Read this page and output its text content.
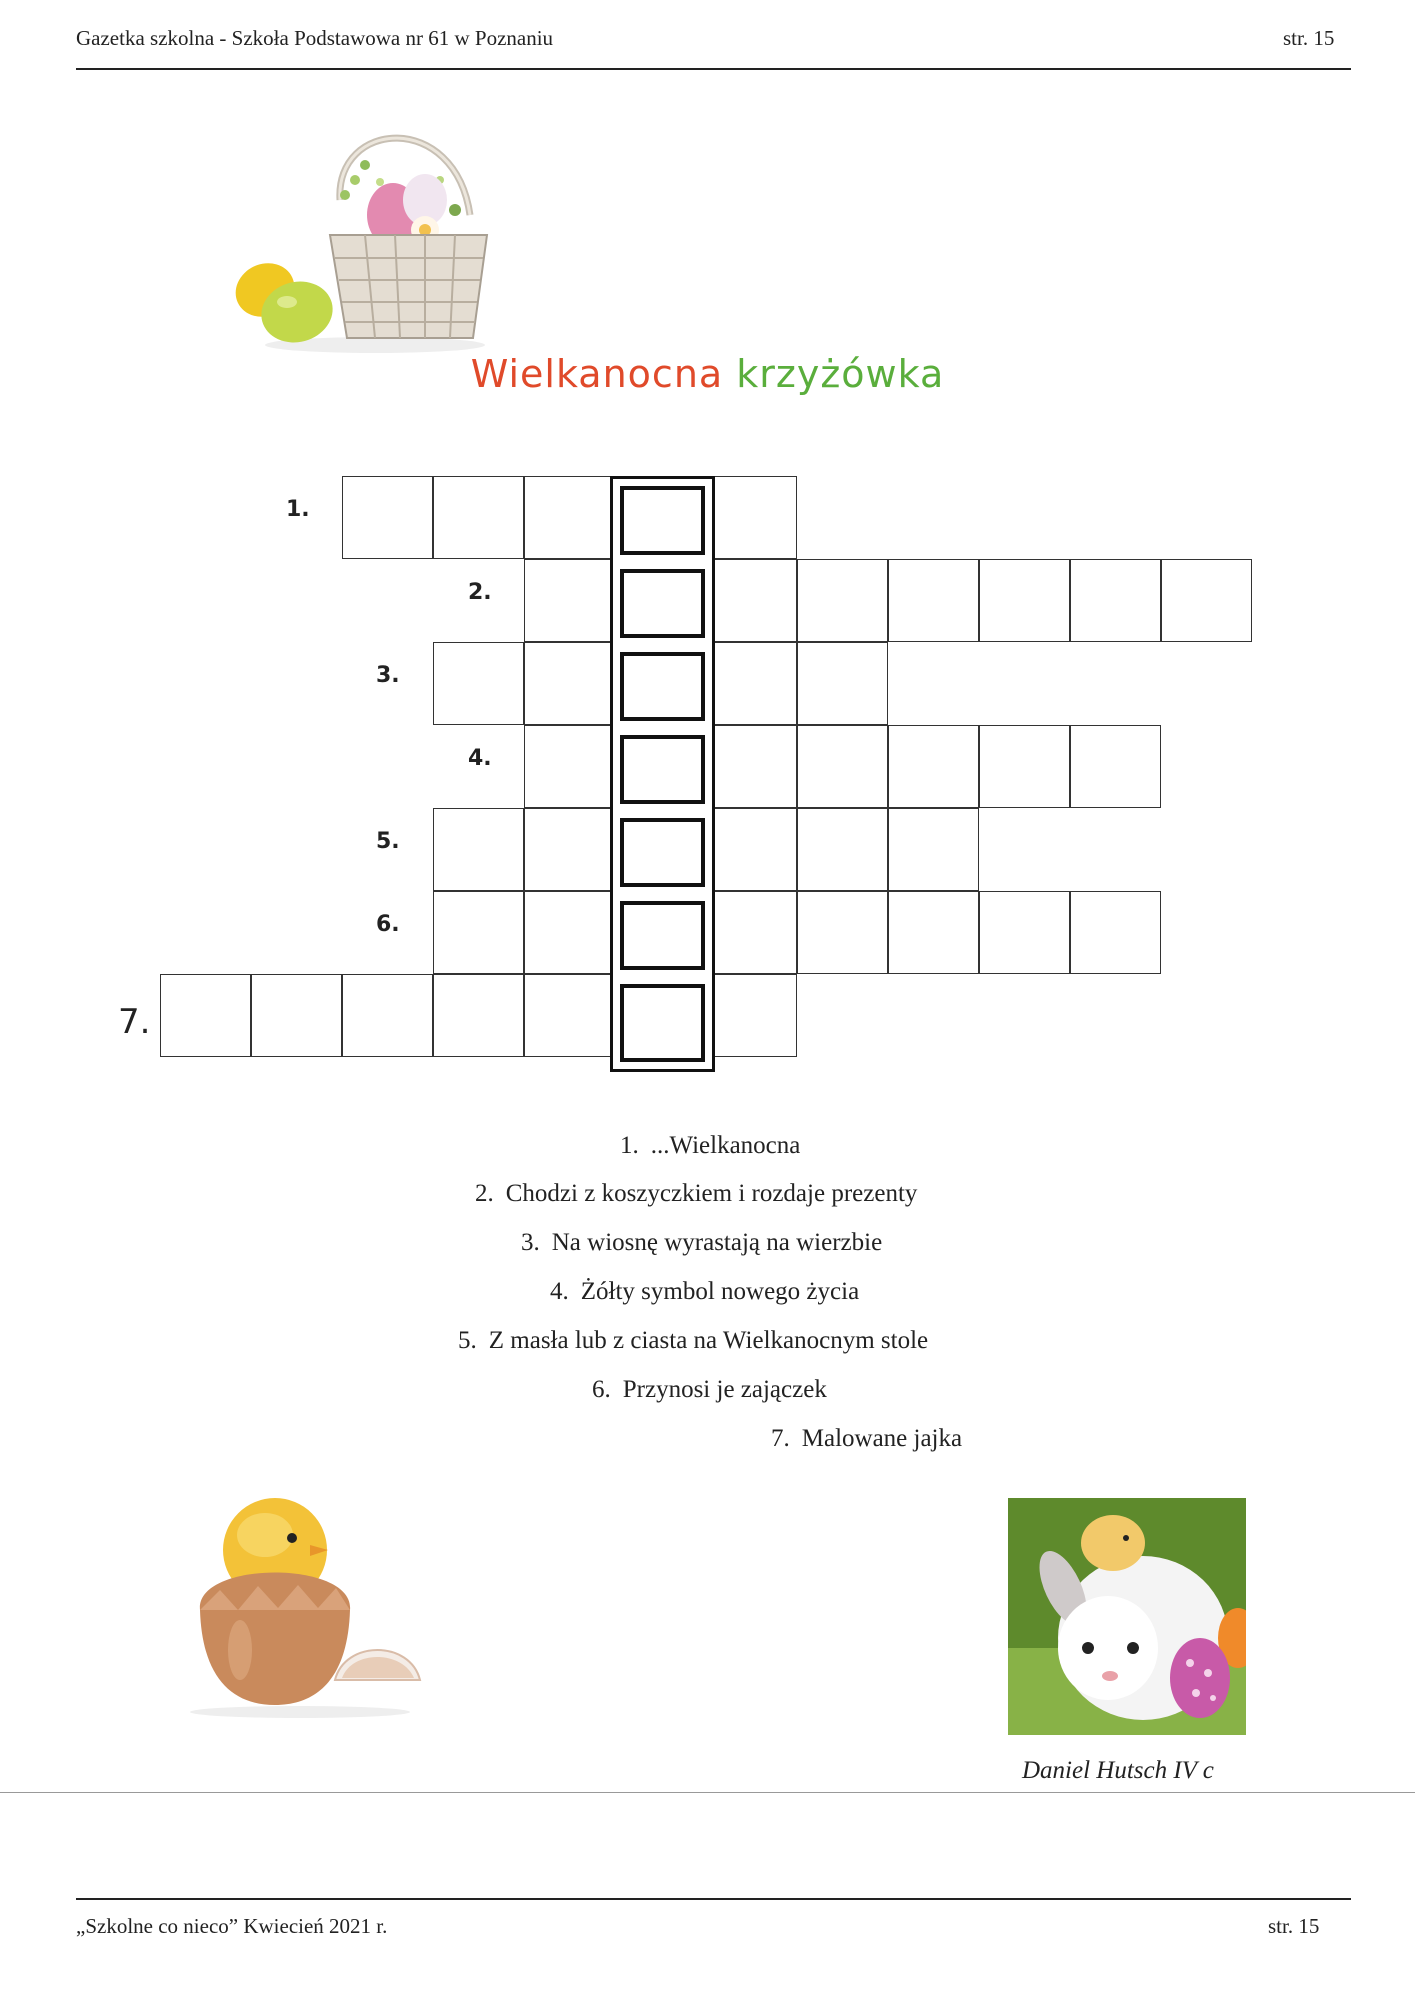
Gazetka szkolna - Szkoła Podstawowa nr 61 w Poznaniu	str. 15
Wielkanocna krzyżówka
1.
2.
3.
4.
5.
6.
7.
1. ...Wielkanocna
2. Chodzi z koszyczkiem i rozdaje prezenty
3. Na wiosnę wyrastają na wierzbie
4. Żółty symbol nowego życia
5. Z masła lub z ciasta na Wielkanocnym stole
6. Przynosi je zajączek
7. Malowane jajka
Daniel Hutsch IV c
„Szkolne co nieco” Kwiecień 2021 r.	str. 15
